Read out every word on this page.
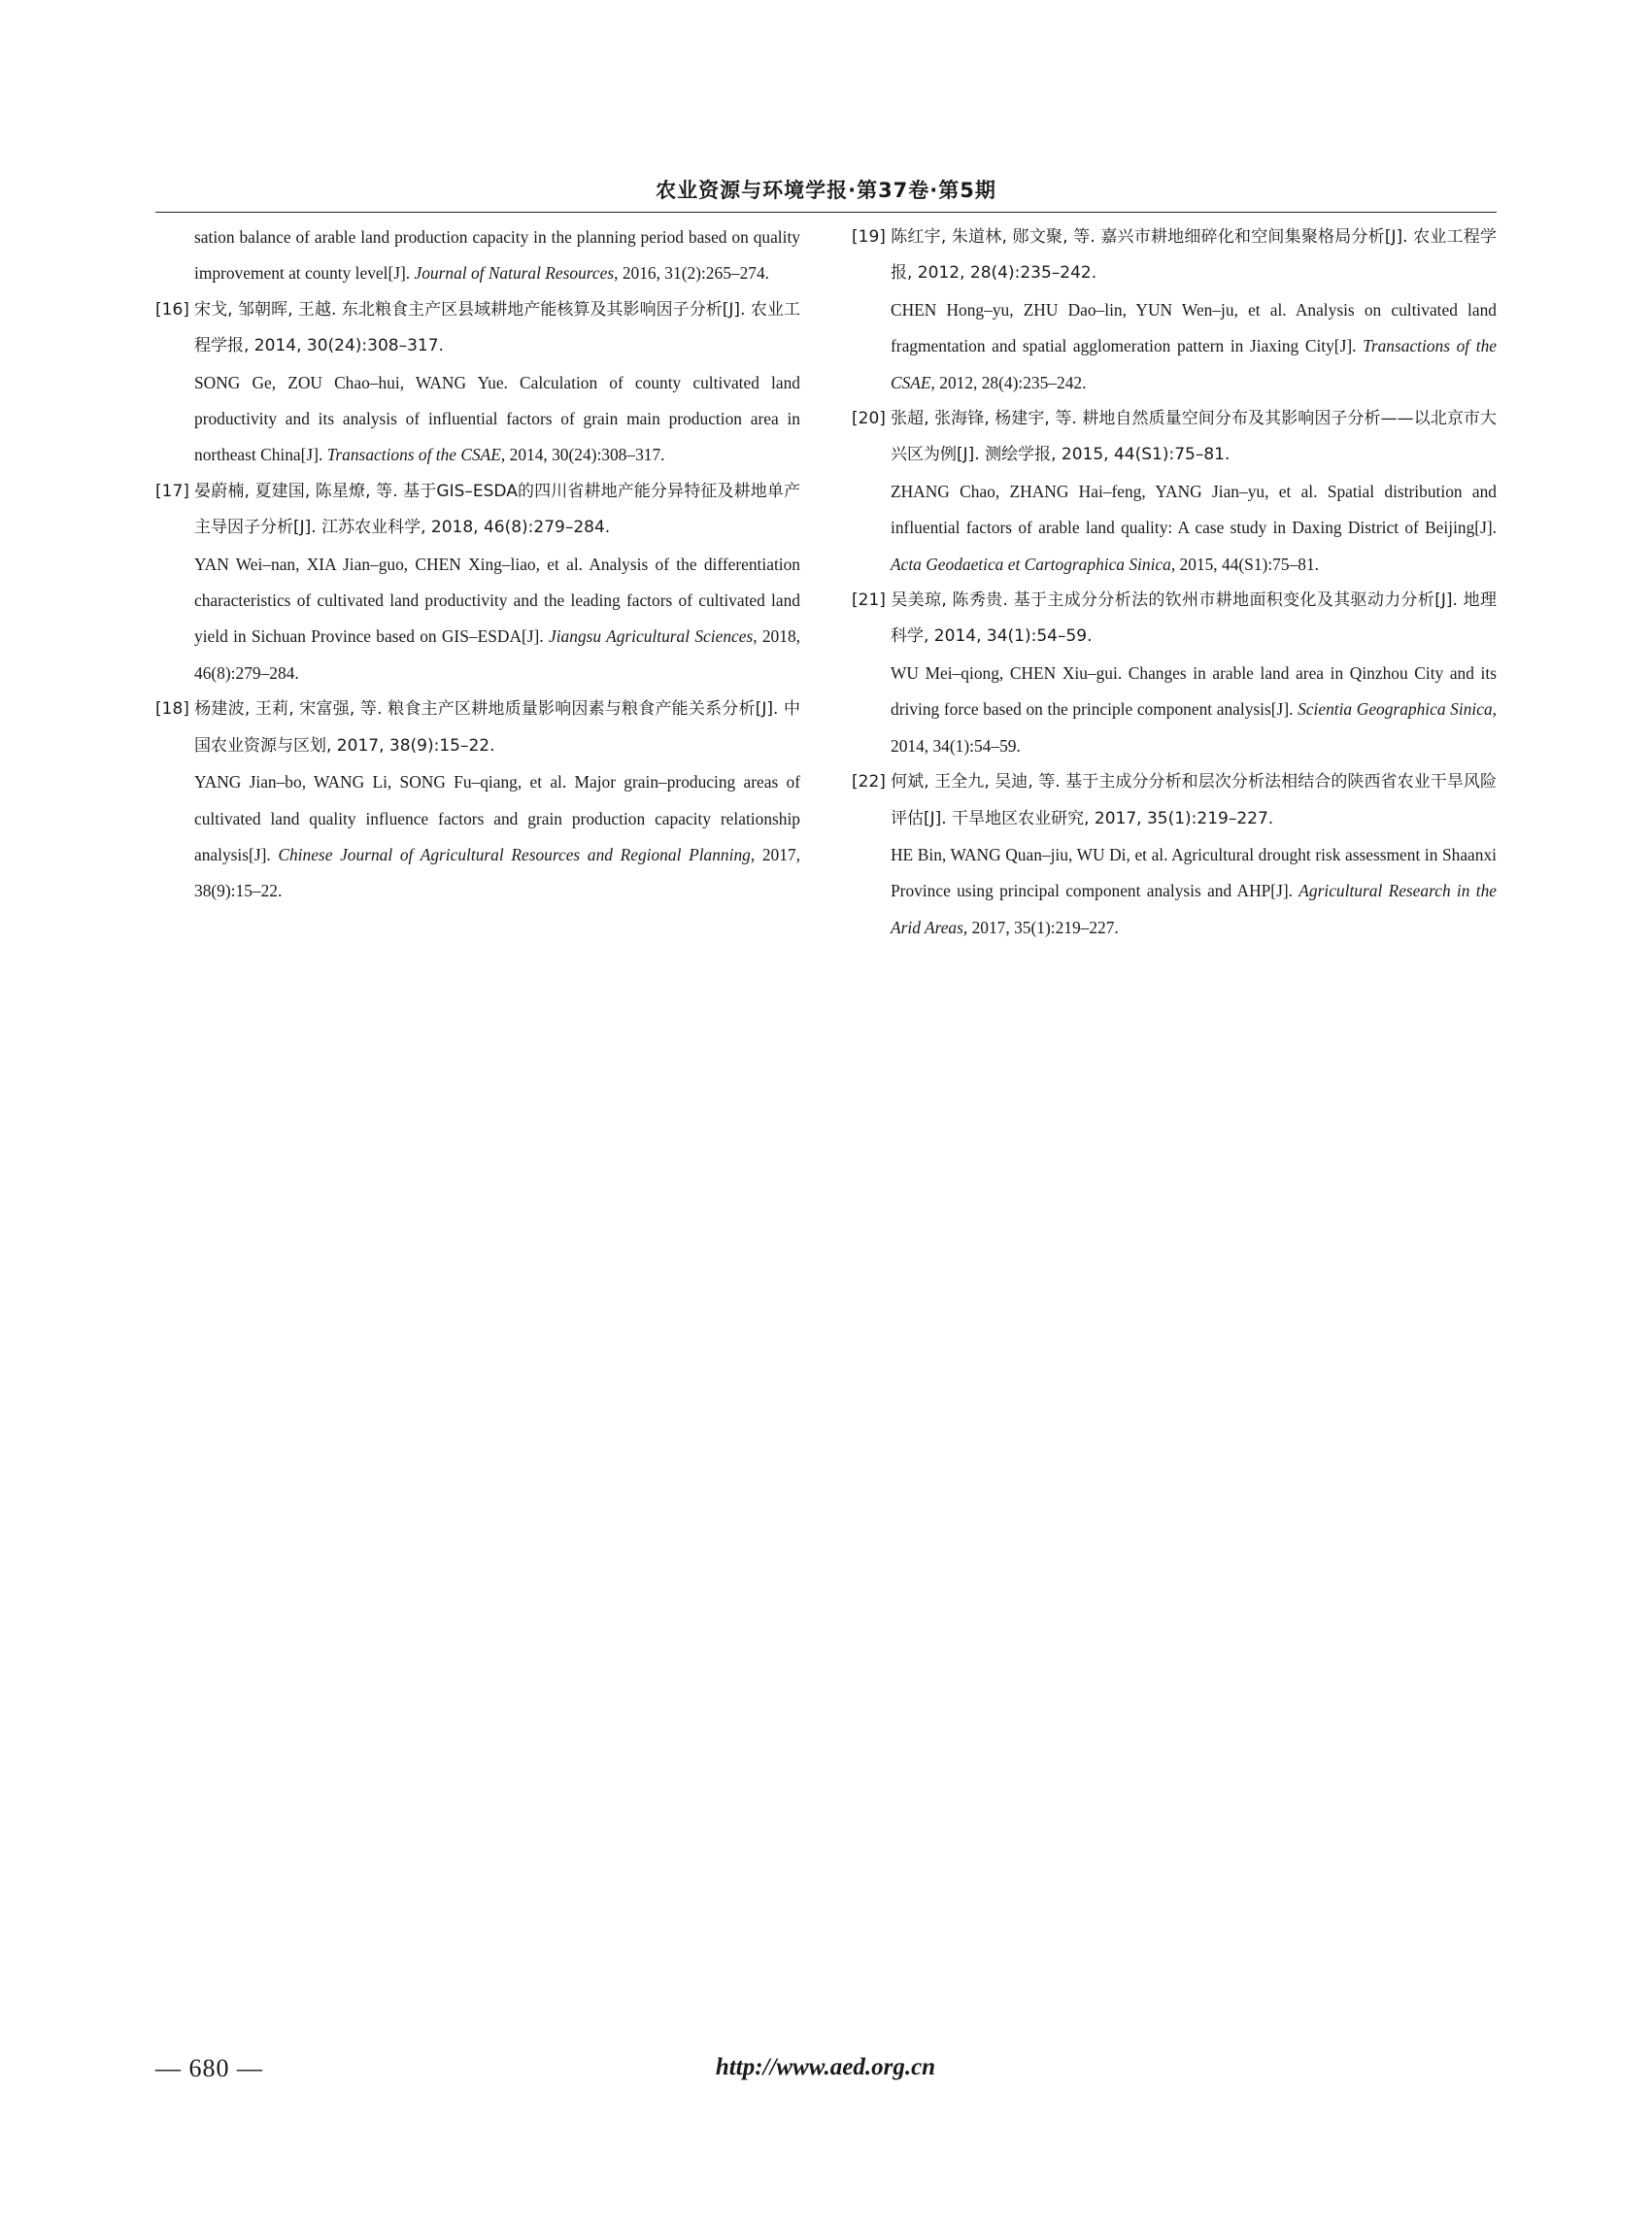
农业资源与环境学报·第37卷·第5期
sation balance of arable land production capacity in the planning period based on quality improvement at county level[J]. Journal of Natural Resources, 2016, 31(2):265–274.

[16] 宋戈, 邹朝晖, 王越. 东北粮食主产区县域耕地产能核算及其影响因子分析[J]. 农业工程学报, 2014, 30(24):308–317.

SONG Ge, ZOU Chao–hui, WANG Yue. Calculation of county cultivated land productivity and its analysis of influential factors of grain main production area in northeast China[J]. Transactions of the CSAE, 2014, 30(24):308–317.

[17] 晏蔚楠, 夏建国, 陈星燎, 等. 基于GIS–ESDA的四川省耕地产能分异特征及耕地单产主导因子分析[J]. 江苏农业科学, 2018, 46(8):279–284.

YAN Wei–nan, XIA Jian–guo, CHEN Xing–liao, et al. Analysis of the differentiation characteristics of cultivated land productivity and the leading factors of cultivated land yield in Sichuan Province based on GIS–ESDA[J]. Jiangsu Agricultural Sciences, 2018, 46(8):279–284.

[18] 杨建波, 王莉, 宋富强, 等. 粮食主产区耕地质量影响因素与粮食产能关系分析[J]. 中国农业资源与区划, 2017, 38(9):15–22.

YANG Jian–bo, WANG Li, SONG Fu–qiang, et al. Major grain–producing areas of cultivated land quality influence factors and grain production capacity relationship analysis[J]. Chinese Journal of Agricultural Resources and Regional Planning, 2017, 38(9):15–22.

[19] 陈红宇, 朱道林, 郧文聚, 等. 嘉兴市耕地细碎化和空间集聚格局分析[J]. 农业工程学报, 2012, 28(4):235–242.

CHEN Hong–yu, ZHU Dao–lin, YUN Wen–ju, et al. Analysis on cultivated land fragmentation and spatial agglomeration pattern in Jiaxing City[J]. Transactions of the CSAE, 2012, 28(4):235–242.

[20] 张超, 张海锋, 杨建宇, 等. 耕地自然质量空间分布及其影响因子分析——以北京市大兴区为例[J]. 测绘学报, 2015, 44(S1):75–81.

ZHANG Chao, ZHANG Hai–feng, YANG Jian–yu, et al. Spatial distribution and influential factors of arable land quality: A case study in Daxing District of Beijing[J]. Acta Geodaetica et Cartographica Sinica, 2015, 44(S1):75–81.

[21] 吴美琼, 陈秀贵. 基于主成分分析法的钦州市耕地面积变化及其驱动力分析[J]. 地理科学, 2014, 34(1):54–59.

WU Mei–qiong, CHEN Xiu–gui. Changes in arable land area in Qinzhou City and its driving force based on the principle component analysis[J]. Scientia Geographica Sinica, 2014, 34(1):54–59.

[22] 何斌, 王全九, 吴迪, 等. 基于主成分分析和层次分析法相结合的陕西省农业干旱风险评估[J]. 干旱地区农业研究, 2017, 35(1):219–227.

HE Bin, WANG Quan–jiu, WU Di, et al. Agricultural drought risk assessment in Shaanxi Province using principal component analysis and AHP[J]. Agricultural Research in the Arid Areas, 2017, 35(1):219–227.

— 680 —	http://www.aed.org.cn
